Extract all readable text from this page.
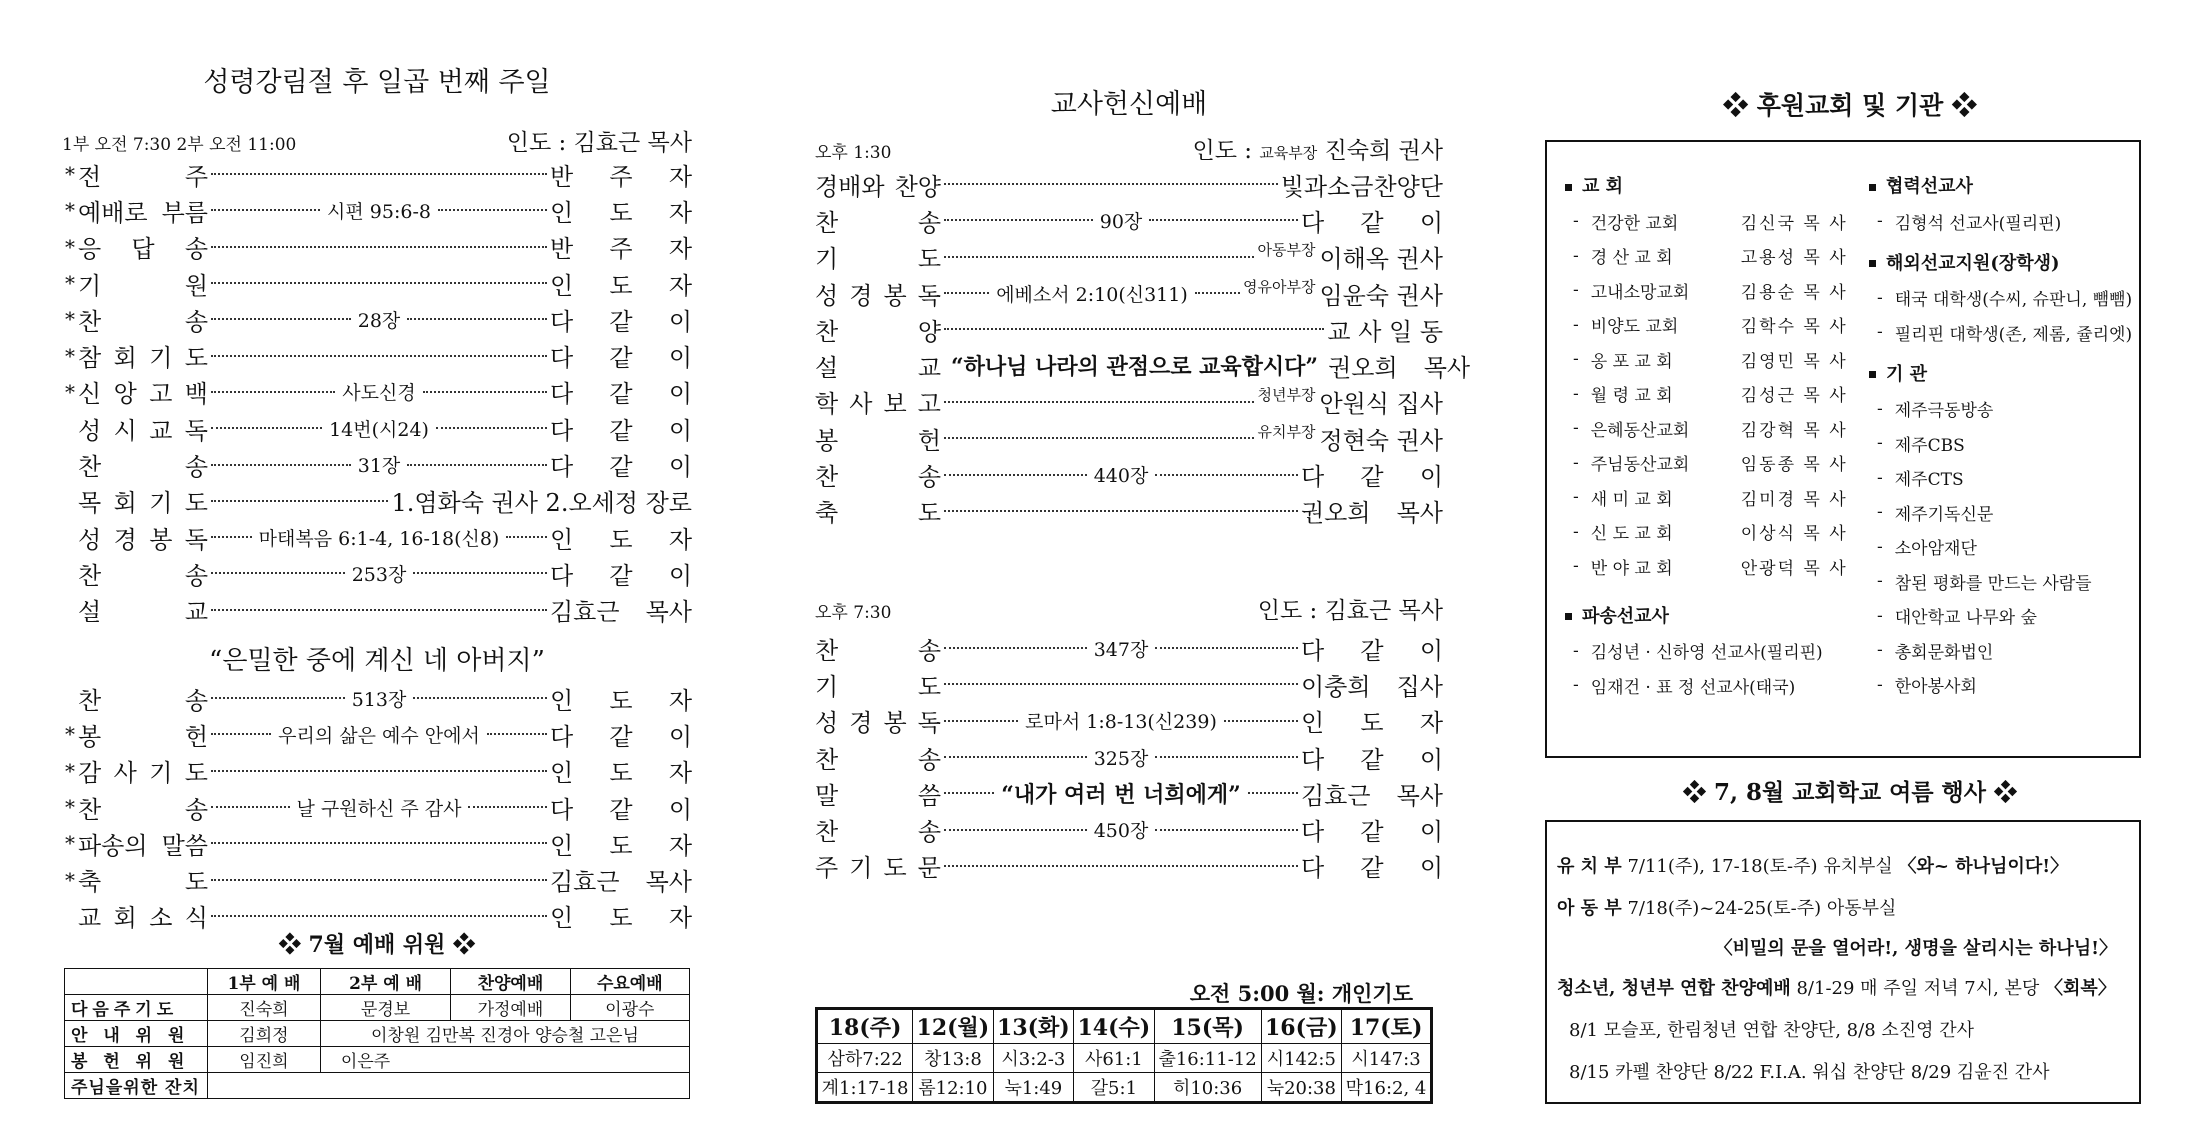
성령강림절 후 일곱 번째 주일
1부 오전 7:30 2부 오전 11:00	인도 : 김효근 목사
* 전	주	반 주 자
* 예배로 부름	시편 95:6-8	인 도 자
* 응 답 송	반 주 자
* 기	원	인 도 자
* 찬	송	28장	다 같 이
* 참 회 기 도	다 같 이
* 신 앙 고 백	사도신경	다 같 이
성 시 교 독	14번(시24)	다 같 이
찬	송	31장	다 같 이
목 회 기 도	1.염화숙 권사 2.오세정 장로
성 경 봉 독	마태복음 6:1-4, 16-18(신8) 인 도 자
찬	송	253장	다 같 이
설	교	김효근 목사
“은밀한 중에 계신 네 아버지”
찬	송	513장	인 도 자
* 봉	헌	우리의 삶은 예수 안에서	다 같 이
* 감 사 기 도	인 도 자
* 찬	송	날 구원하신 주 감사	다 같 이
* 파송의 말씀	인 도 자
* 축	도	김효근 목사
교 회 소 식	인 도 자
❖ 7월 예배 위원 ❖
	1부 예 배	2부 예 배	찬양예배	수요예배
다음주기도	진숙희	문경보	가정예배	이광수
안 내 위 원	김희정	이창원 김만복 진경아 양승철 고은님		
봉 헌 위 원	임진희	이은주		
주님을위한 잔치				
교사헌신예배
오후 1:30	인도 : 교육부장 진숙희 권사
경배와 찬양	빛과소금찬양단
찬	송	90장	다 같 이
기	도	아동부장 이해옥 권사
성 경 봉 독	에베소서 2:10(신311)	영유아부장 임윤숙 권사
찬	양	교 사 일 동
설	교 “하나님 나라의 관점으로 교육합시다” 권오희 목사
학 사 보 고	청년부장 안원식 집사
봉	헌	유치부장 정현숙 권사
찬	송	440장	다 같 이
축	도	권오희 목사
오후 7:30	인도 : 김효근 목사
찬	송	347장	다 같 이
기	도	이충희 집사
성 경 봉 독	로마서 1:8-13(신239)	인 도 자
찬	송	325장	다 같 이
말	씀	“내가 여러 번 너희에게”	김효근 목사
찬	송	450장	다 같 이
주 기 도 문	다 같 이
오전 5:00 월: 개인기도
18(주)	12(월)	13(화)	14(수)	15(목)	16(금)	17(토)
삼하7:22	창13:8	시3:2-3	사61:1	출16:11-12	시142:5	시147:3
계1:17-18	롬12:10	눅1:49	갈5:1	히10:36	눅20:38	막16:2, 4
❖ 후원교회 및 기관 ❖
교 회
- 건강한 교회	김신국 목 사
- 경 산 교 회	고용성 목 사
- 고내소망교회	김용순 목 사
- 비양도 교회	김학수 목 사
- 옹 포 교 회	김영민 목 사
- 월 령 교 회	김성근 목 사
- 은혜동산교회	김강혁 목 사
- 주님동산교회	임동종 목 사
- 새 미 교 회	김미경 목 사
- 신 도 교 회	이상식 목 사
- 반 야 교 회	안광덕 목 사
파송선교사
- 김성년 · 신하영 선교사(필리핀)
- 임재건 · 표 정 선교사(태국)
협력선교사
- 김형석 선교사(필리핀)
해외선교지원(장학생)
- 태국 대학생(수씨, 슈판니, 뺌뺌)
- 필리핀 대학생(존, 제롬, 쥴리엣)
기 관
- 제주극동방송
- 제주CBS
- 제주CTS
- 제주기독신문
- 소아암재단
- 참된 평화를 만드는 사람들
- 대안학교 나무와 숲
- 총회문화법인
- 한아봉사회
❖ 7, 8월 교회학교 여름 행사 ❖
유 치 부 7/11(주), 17-18(토-주) 유치부실 〈와~ 하나님이다!〉
아 동 부 7/18(주)~24-25(토-주) 아동부실
〈비밀의 문을 열어라!, 생명을 살리시는 하나님!〉
청소년, 청년부 연합 찬양예배 8/1-29 매 주일 저녁 7시, 본당 〈회복〉
8/1 모슬포, 한림청년 연합 찬양단, 8/8 소진영 간사
8/15 카펠 찬양단 8/22 F.I.A. 워십 찬양단 8/29 김윤진 간사
